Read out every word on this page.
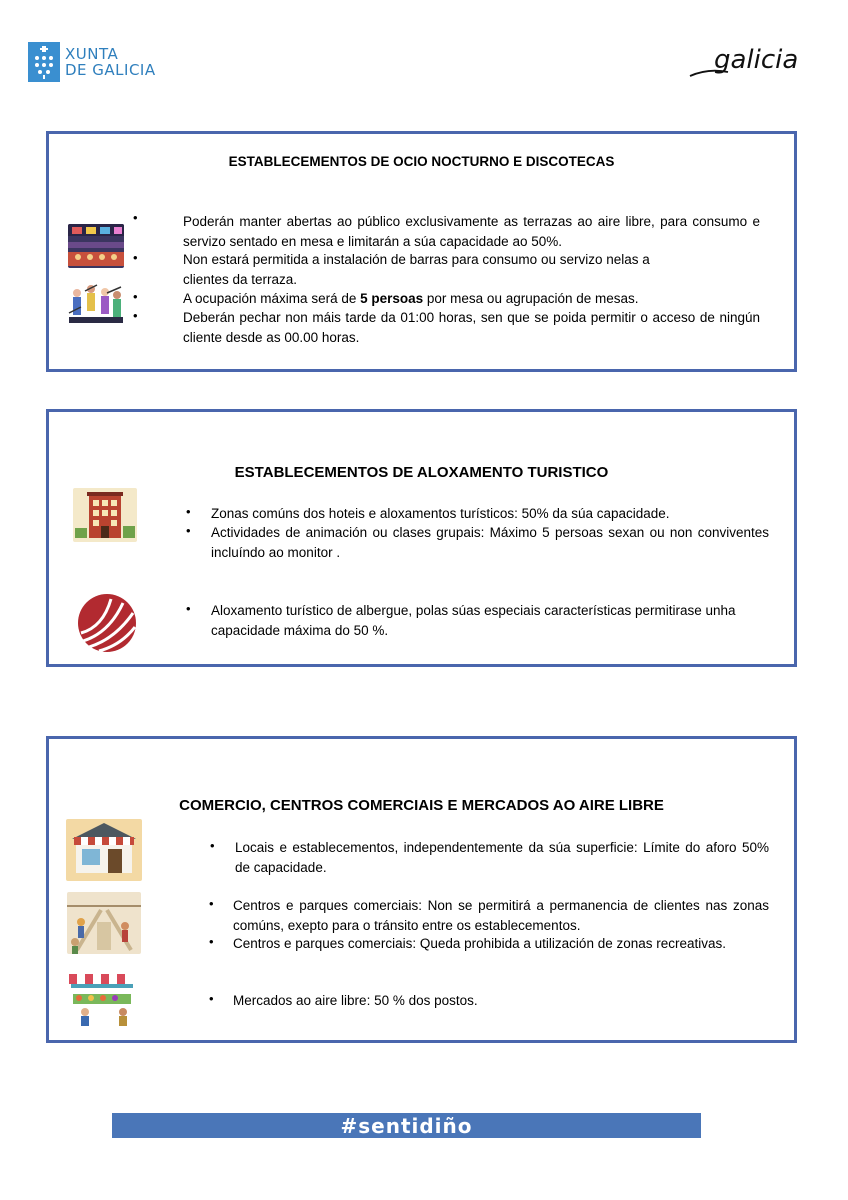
XUNTA
DE GALICIA	galicia
ESTABLECEMENTOS DE OCIO NOCTURNO E DISCOTECAS
•	Poderán manter abertas ao público exclusivamente as terrazas ao aire libre, para consumo e servizo sentado en mesa e limitarán a súa capacidade ao 50%.
•	Non estará permitida a instalación de barras para consumo ou servizo nelas a clientes da terraza.
•	A ocupación máxima será de 5 persoas por mesa ou agrupación de mesas.
•	Deberán pechar non máis tarde da 01:00 horas, sen que se poida permitir o acceso de ningún cliente desde as 00.00 horas.
ESTABLECEMENTOS DE ALOXAMENTO TURISTICO
• Zonas comúns dos hoteis e aloxamentos turísticos: 50% da súa capacidade.
• Actividades de animación ou clases grupais: Máximo 5 persoas sexan ou non conviventes incluíndo ao monitor .
• Aloxamento turístico de albergue, polas súas especiais características permitirase unha capacidade máxima do 50 %.
COMERCIO, CENTROS COMERCIAIS E MERCADOS AO AIRE LIBRE
• Locais e establecementos, independentemente da súa superficie: Límite do aforo 50% de capacidade.
• Centros e parques comerciais: Non se permitirá a permanencia de clientes nas zonas comúns, exepto para o tránsito entre os establecementos.
• Centros e parques comerciais: Queda prohibida a utilización de zonas recreativas.
• Mercados ao aire libre: 50 % dos postos.
#sentidiño
